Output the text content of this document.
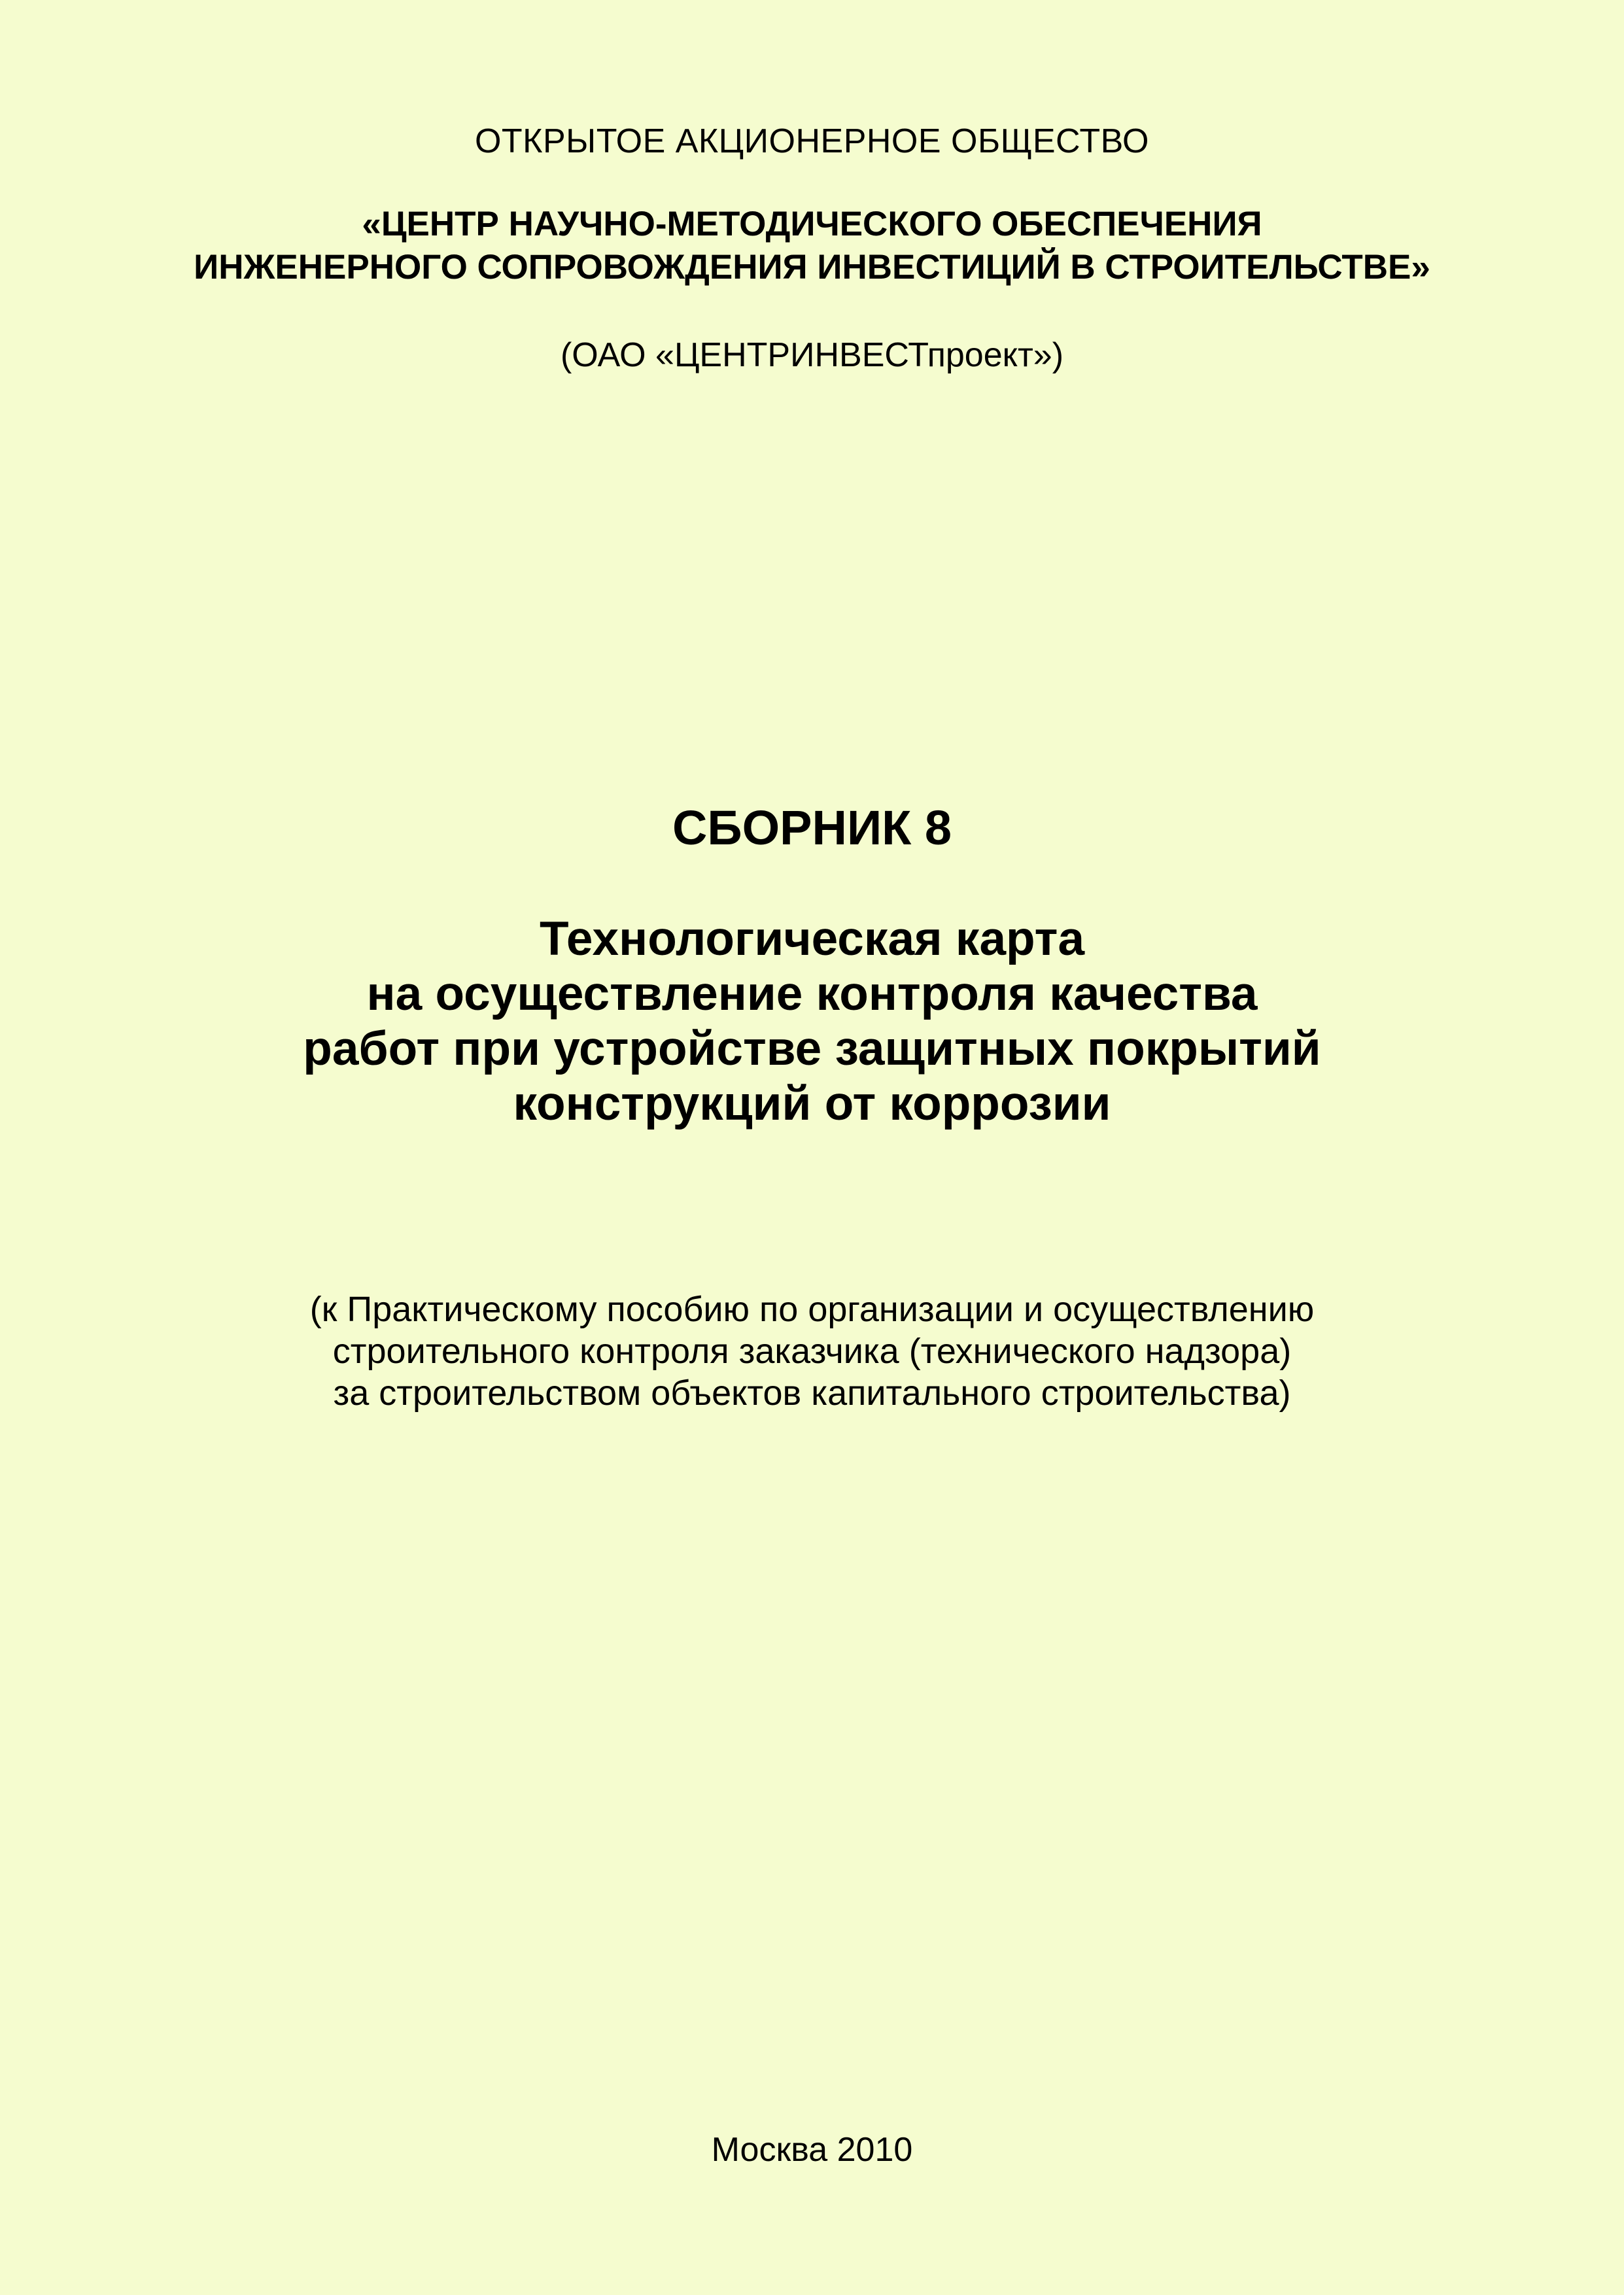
ОТКРЫТОЕ АКЦИОНЕРНОЕ ОБЩЕСТВО

«ЦЕНТР НАУЧНО-МЕТОДИЧЕСКОГО ОБЕСПЕЧЕНИЯ

ИНЖЕНЕРНОГО СОПРОВОЖДЕНИЯ ИНВЕСТИЦИЙ В СТРОИТЕЛЬСТВЕ»

(ОАО «ЦЕНТРИНВЕСТпроект»)

СБОРНИК 8
Технологическая карта
на осуществление контроля качества
работ при устройстве защитных покрытий
конструкций от коррозии

(к Практическому пособию по организации и осуществлению

строительного контроля заказчика (технического надзора)

за строительством объектов капитального строительства)

Москва 2010
